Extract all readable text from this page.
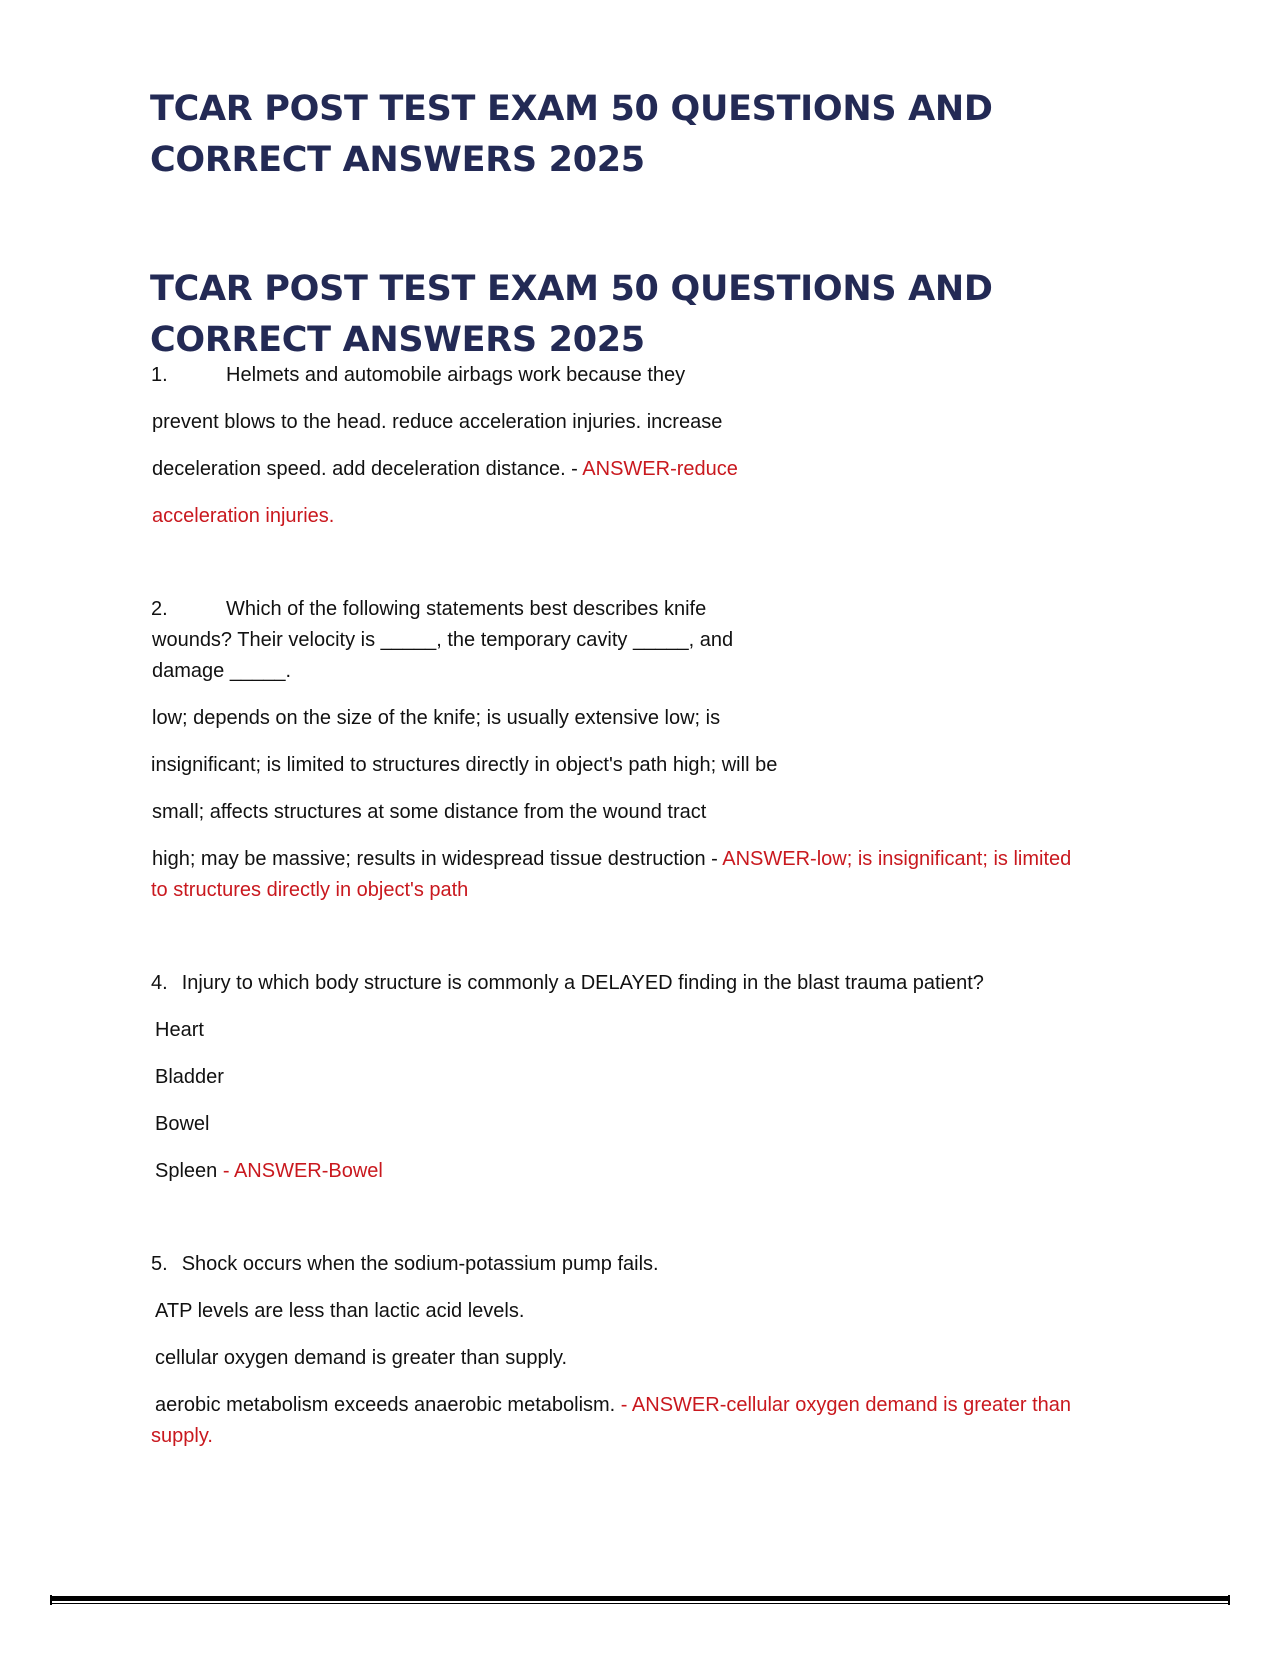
TCAR POST TEST EXAM 50 QUESTIONS AND
CORRECT ANSWERS 2025
TCAR POST TEST EXAM 50 QUESTIONS AND
CORRECT ANSWERS 2025

1.	Helmets and automobile airbags work because they

prevent blows to the head. reduce acceleration injuries. increase

deceleration speed. add deceleration distance. - ANSWER-reduce

acceleration injuries.

2.	Which of the following statements best describes knife

wounds? Their velocity is _____, the temporary cavity _____, and

damage _____.

low; depends on the size of the knife; is usually extensive low; is

insignificant; is limited to structures directly in object's path high; will be

small; affects structures at some distance from the wound tract

high; may be massive; results in widespread tissue destruction - ANSWER-low; is insignificant; is limited

to structures directly in object's path

4. Injury to which body structure is commonly a DELAYED finding in the blast trauma patient?

Heart

Bladder

Bowel

Spleen - ANSWER-Bowel

5. Shock occurs when the sodium-potassium pump fails.

ATP levels are less than lactic acid levels.

cellular oxygen demand is greater than supply.

aerobic metabolism exceeds anaerobic metabolism. - ANSWER-cellular oxygen demand is greater than

supply.
